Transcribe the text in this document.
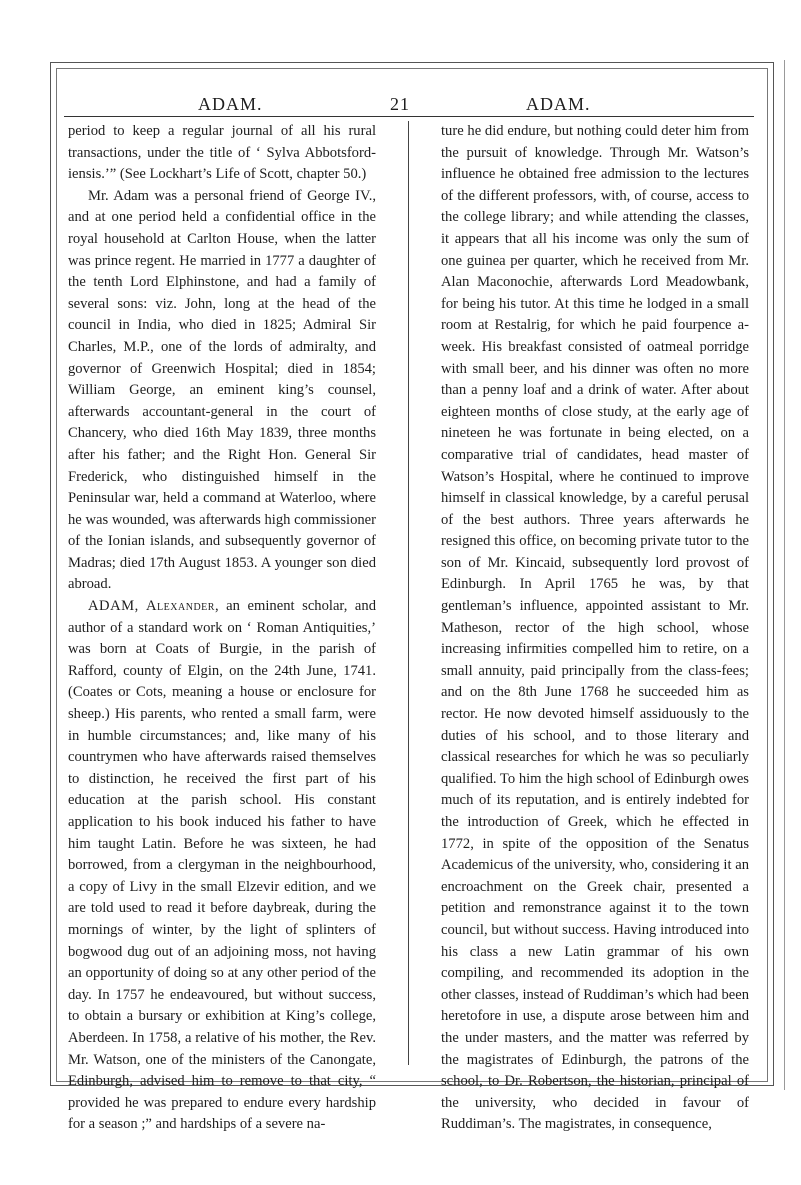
ADAM.	21	ADAM.

period to keep a regular journal of all his rural transactions, under the title of ‘ Sylva Abbotsford-iensis.’” (See Lockhart’s Life of Scott, chapter 50.)

Mr. Adam was a personal friend of George IV., and at one period held a confidential office in the royal household at Carlton House, when the latter was prince regent. He married in 1777 a daughter of the tenth Lord Elphinstone, and had a family of several sons: viz. John, long at the head of the council in India, who died in 1825; Admiral Sir Charles, M.P., one of the lords of admiralty, and governor of Greenwich Hospital; died in 1854; William George, an eminent king’s counsel, afterwards accountant-general in the court of Chancery, who died 16th May 1839, three months after his father; and the Right Hon. General Sir Frederick, who distinguished himself in the Peninsular war, held a command at Waterloo, where he was wounded, was afterwards high commissioner of the Ionian islands, and subsequently governor of Madras; died 17th August 1853. A younger son died abroad.

ADAM, Alexander, an eminent scholar, and author of a standard work on ‘ Roman Antiquities,’ was born at Coats of Burgie, in the parish of Rafford, county of Elgin, on the 24th June, 1741. (Coates or Cots, meaning a house or enclosure for sheep.) His parents, who rented a small farm, were in humble circumstances; and, like many of his countrymen who have afterwards raised themselves to distinction, he received the first part of his education at the parish school. His constant application to his book induced his father to have him taught Latin. Before he was sixteen, he had borrowed, from a clergyman in the neighbourhood, a copy of Livy in the small Elzevir edition, and we are told used to read it before daybreak, during the mornings of winter, by the light of splinters of bogwood dug out of an adjoining moss, not having an opportunity of doing so at any other period of the day. In 1757 he endeavoured, but without success, to obtain a bursary or exhibition at King’s college, Aberdeen. In 1758, a relative of his mother, the Rev. Mr. Watson, one of the ministers of the Canongate, Edinburgh, advised him to remove to that city, “ provided he was prepared to endure every hardship for a season ;” and hardships of a severe na-

ture he did endure, but nothing could deter him from the pursuit of knowledge. Through Mr. Watson’s influence he obtained free admission to the lectures of the different professors, with, of course, access to the college library; and while attending the classes, it appears that all his income was only the sum of one guinea per quarter, which he received from Mr. Alan Maconochie, afterwards Lord Meadowbank, for being his tutor. At this time he lodged in a small room at Restalrig, for which he paid fourpence a-week. His breakfast consisted of oatmeal porridge with small beer, and his dinner was often no more than a penny loaf and a drink of water. After about eighteen months of close study, at the early age of nineteen he was fortunate in being elected, on a comparative trial of candidates, head master of Watson’s Hospital, where he continued to improve himself in classical knowledge, by a careful perusal of the best authors. Three years afterwards he resigned this office, on becoming private tutor to the son of Mr. Kincaid, subsequently lord provost of Edinburgh. In April 1765 he was, by that gentleman’s influence, appointed assistant to Mr. Matheson, rector of the high school, whose increasing infirmities compelled him to retire, on a small annuity, paid principally from the class-fees; and on the 8th June 1768 he succeeded him as rector. He now devoted himself assiduously to the duties of his school, and to those literary and classical researches for which he was so peculiarly qualified. To him the high school of Edinburgh owes much of its reputation, and is entirely indebted for the introduction of Greek, which he effected in 1772, in spite of the opposition of the Senatus Academicus of the university, who, considering it an encroachment on the Greek chair, presented a petition and remonstrance against it to the town council, but without success. Having introduced into his class a new Latin grammar of his own compiling, and recommended its adoption in the other classes, instead of Ruddiman’s which had been heretofore in use, a dispute arose between him and the under masters, and the matter was referred by the magistrates of Edinburgh, the patrons of the school, to Dr. Robertson, the historian, principal of the university, who decided in favour of Ruddiman’s. The magistrates, in consequence,
